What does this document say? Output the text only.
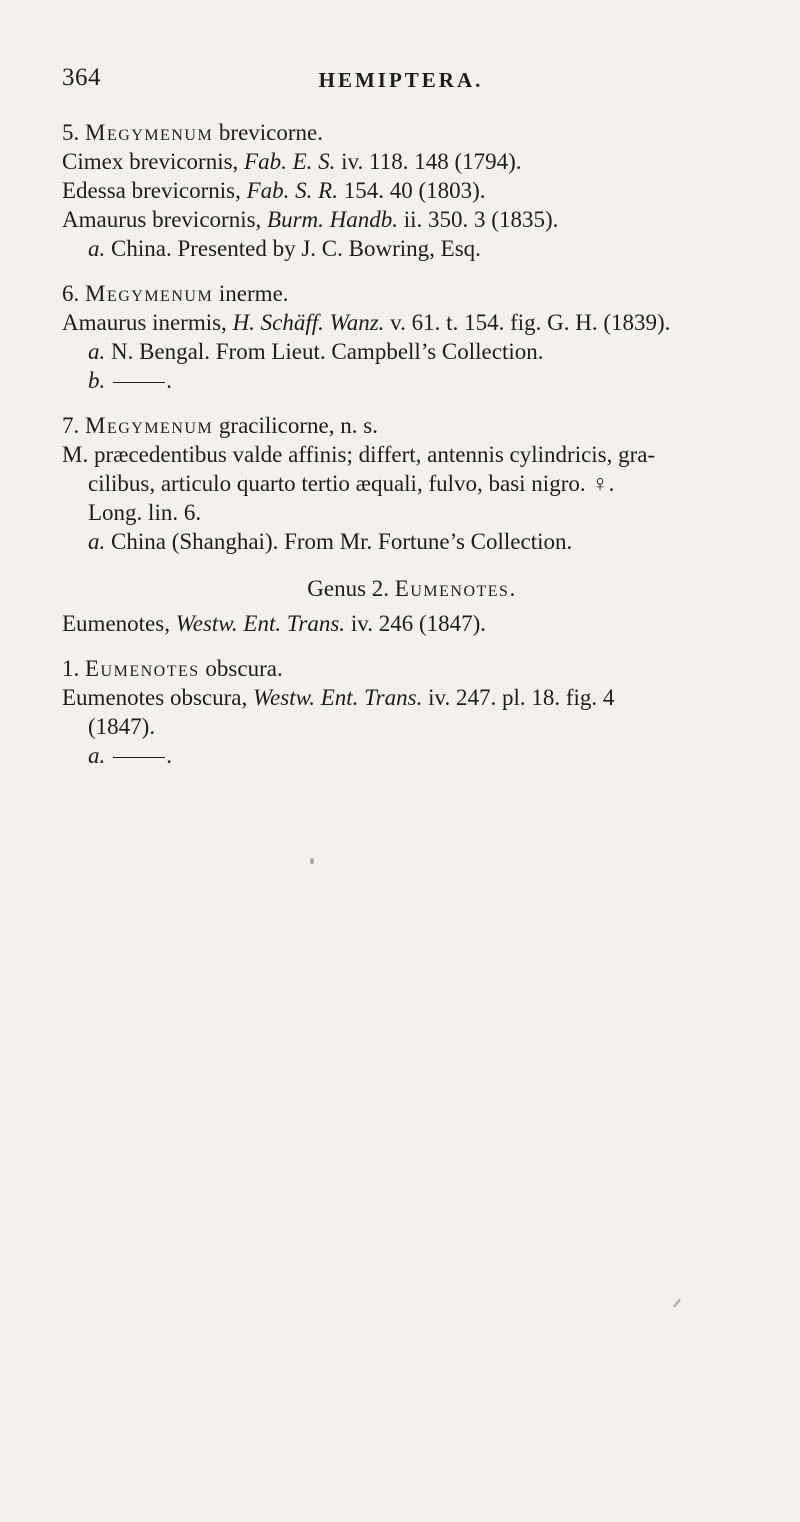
364	HEMIPTERA.
5. Megymenum brevicorne.
Cimex brevicornis, Fab. E. S. iv. 118. 148 (1794).
Edessa brevicornis, Fab. S. R. 154. 40 (1803).
Amaurus brevicornis, Burm. Handb. ii. 350. 3 (1835).
a. China. Presented by J. C. Bowring, Esq.
6. Megymenum inerme.
Amaurus inermis, H. Schäff. Wanz. v. 61. t. 154. fig. G. H. (1839).
a. N. Bengal. From Lieut. Campbell’s Collection.
b.	.
7. Megymenum gracilicorne, n. s.
M. præcedentibus valde affinis; differt, antennis cylindricis, gra-
cilibus, articulo quarto tertio æquali, fulvo, basi nigro. ♀.
Long. lin. 6.
a. China (Shanghai). From Mr. Fortune’s Collection.
Genus 2. Eumenotes.
Eumenotes, Westw. Ent. Trans. iv. 246 (1847).
1. Eumenotes obscura.
Eumenotes obscura, Westw. Ent. Trans. iv. 247. pl. 18. fig. 4
(1847).
a.	.
